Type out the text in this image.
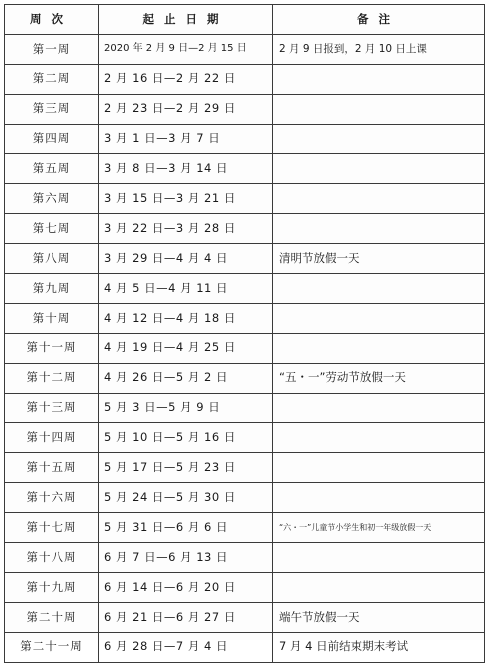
周次	起止日期	备注
第一周	2020 年 2 月 9 日—2 月 15 日	2 月 9 日报到，2 月 10 日上课
第二周	2 月 16 日—2 月 22 日	
第三周	2 月 23 日—2 月 29 日	
第四周	3 月 1 日—3 月 7 日	
第五周	3 月 8 日—3 月 14 日	
第六周	3 月 15 日—3 月 21 日	
第七周	3 月 22 日—3 月 28 日	
第八周	3 月 29 日—4 月 4 日	清明节放假一天
第九周	4 月 5 日—4 月 11 日	
第十周	4 月 12 日—4 月 18 日	
第十一周	4 月 19 日—4 月 25 日	
第十二周	4 月 26 日—5 月 2 日	“五・一”劳动节放假一天
第十三周	5 月 3 日—5 月 9 日	
第十四周	5 月 10 日—5 月 16 日	
第十五周	5 月 17 日—5 月 23 日	
第十六周	5 月 24 日—5 月 30 日	
第十七周	5 月 31 日—6 月 6 日	“六・一”儿童节小学生和初一年级放假一天
第十八周	6 月 7 日—6 月 13 日	
第十九周	6 月 14 日—6 月 20 日	
第二十周	6 月 21 日—6 月 27 日	端午节放假一天
第二十一周	6 月 28 日—7 月 4 日	7 月 4 日前结束期末考试
